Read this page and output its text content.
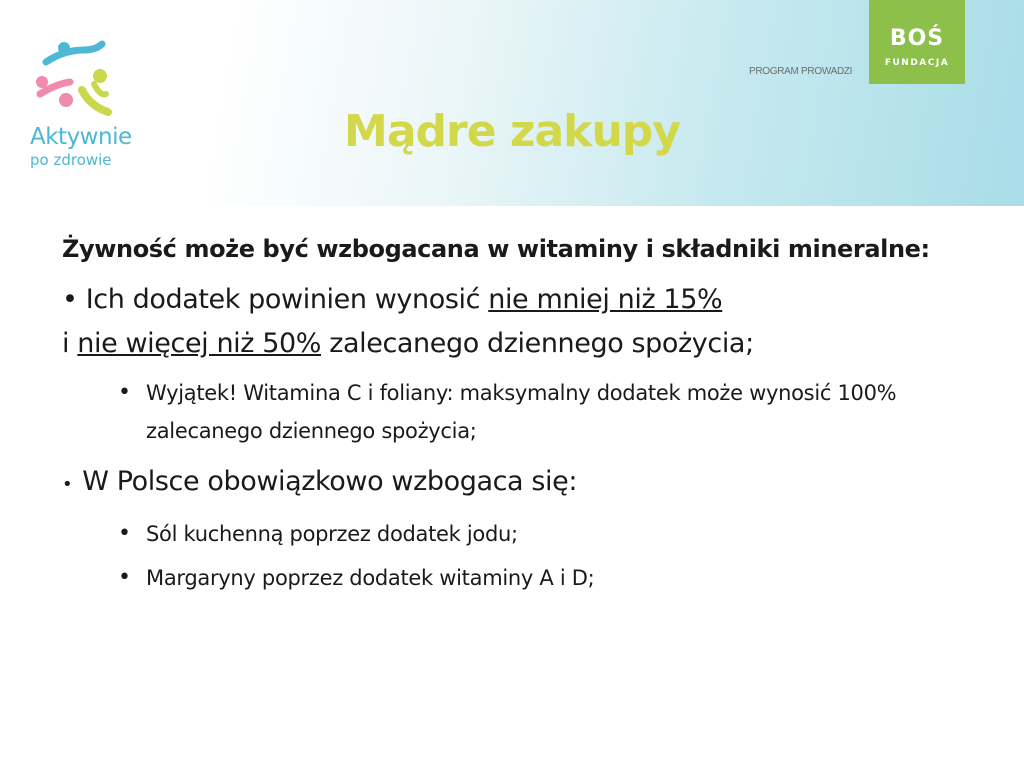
Aktywnie
po zdrowie
PROGRAM PROWADZI
BOŚ
FUNDACJA
Mądre zakupy
Żywność może być wzbogacana w witaminy i składniki mineralne:
• Ich dodatek powinien wynosić nie mniej niż 15%
i nie więcej niż 50% zalecanego dziennego spożycia;
• Wyjątek! Witamina C i foliany: maksymalny dodatek może wynosić 100% zalecanego dziennego spożycia;
• W Polsce obowiązkowo wzbogaca się:
• Sól kuchenną poprzez dodatek jodu;
• Margaryny poprzez dodatek witaminy A i D;
